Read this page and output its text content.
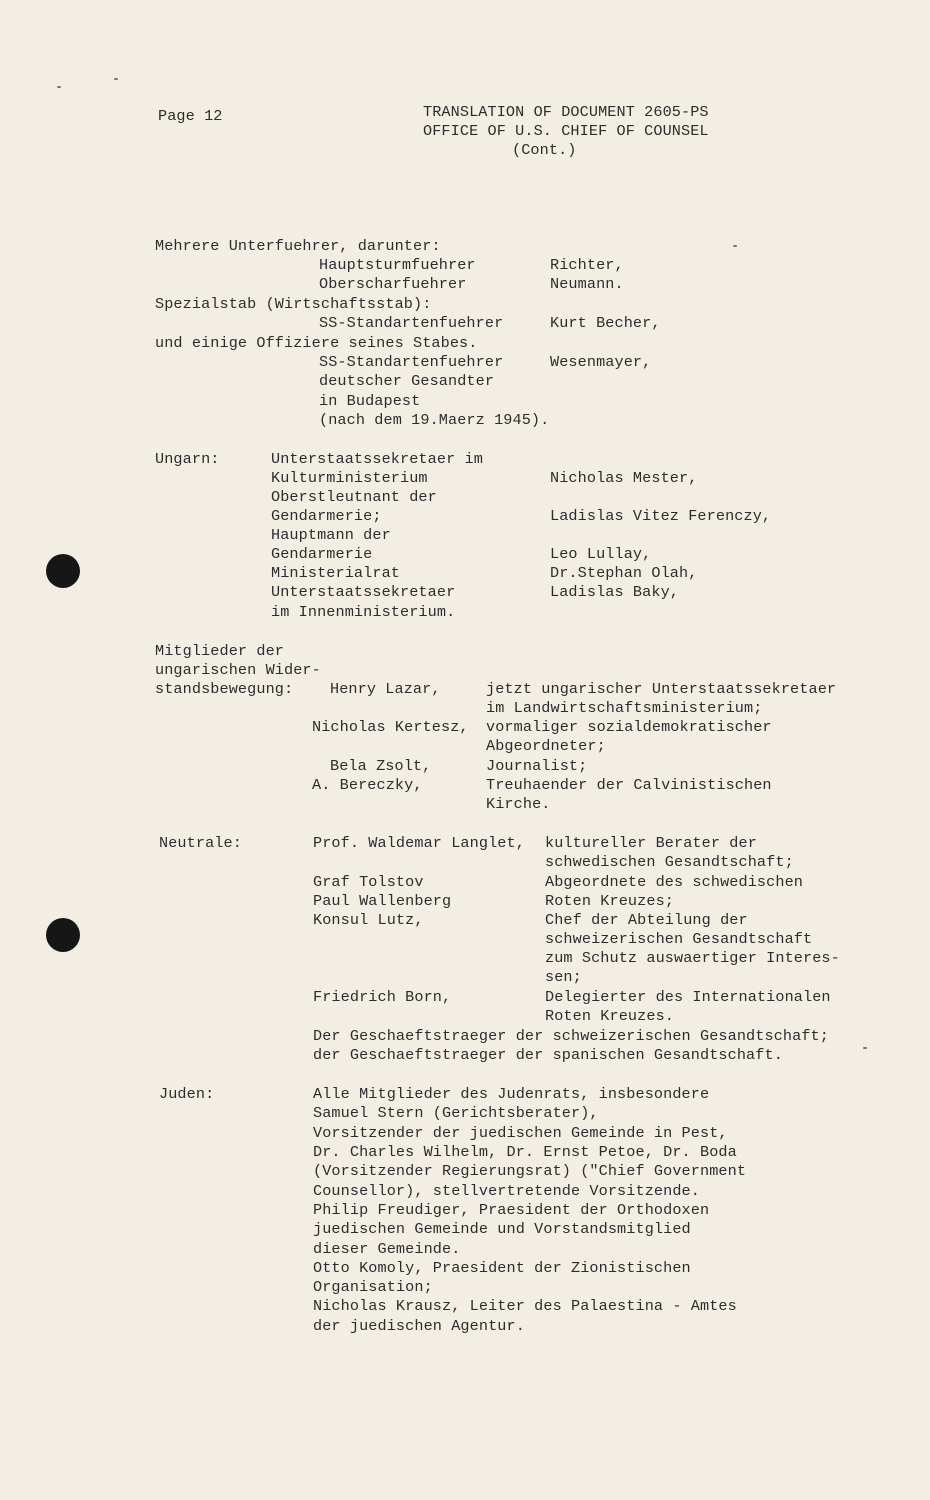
Page 12	TRANSLATION OF DOCUMENT 2605-PS
OFFICE OF U.S. CHIEF OF COUNSEL
(Cont.)
Mehrere Unterfuehrer, darunter:
Hauptsturmfuehrer	Richter,
Oberscharfuehrer	Neumann.
Spezialstab (Wirtschaftsstab):
SS-Standartenfuehrer	Kurt Becher,
und einige Offiziere seines Stabes.
SS-Standartenfuehrer	Wesenmayer,
deutscher Gesandter
in Budapest
(nach dem 19.Maerz 1945).
Ungarn:	Unterstaatssekretaer im
Kulturministerium	Nicholas Mester,
Oberstleutnant der
Gendarmerie;	Ladislas Vitez Ferenczy,
Hauptmann der
Gendarmerie	Leo Lullay,
Ministerialrat	Dr.Stephan Olah,
Unterstaatssekretaer	Ladislas Baky,
im Innenministerium.
Mitglieder der
ungarischen Wider-
standsbewegung: Henry Lazar,	jetzt ungarischer Unterstaatssekretaer
im Landwirtschaftsministerium;
Nicholas Kertesz, vormaliger sozialdemokratischer
Abgeordneter;
Bela Zsolt,	Journalist;
A. Bereczky,	Treuhaender der Calvinistischen
Kirche.
Neutrale:	Prof. Waldemar Langlet, kultureller Berater der
schwedischen Gesandtschaft;
Graf Tolstov	Abgeordnete des schwedischen
Paul Wallenberg	Roten Kreuzes;
Konsul Lutz,	Chef der Abteilung der
schweizerischen Gesandtschaft
zum Schutz auswaertiger Interes-
sen;
Friedrich Born,	Delegierter des Internationalen
Roten Kreuzes.
Der Geschaeftstraeger der schweizerischen Gesandtschaft;
der Geschaeftstraeger der spanischen Gesandtschaft.
Juden:	Alle Mitglieder des Judenrats, insbesondere
Samuel Stern (Gerichtsberater),
Vorsitzender der juedischen Gemeinde in Pest,
Dr. Charles Wilhelm, Dr. Ernst Petoe, Dr. Boda
(Vorsitzender Regierungsrat) ("Chief Government
Counsellor), stellvertretende Vorsitzende.
Philip Freudiger, Praesident der Orthodoxen
juedischen Gemeinde und Vorstandsmitglied
dieser Gemeinde.
Otto Komoly, Praesident der Zionistischen
Organisation;
Nicholas Krausz, Leiter des Palaestina - Amtes
der juedischen Agentur.
